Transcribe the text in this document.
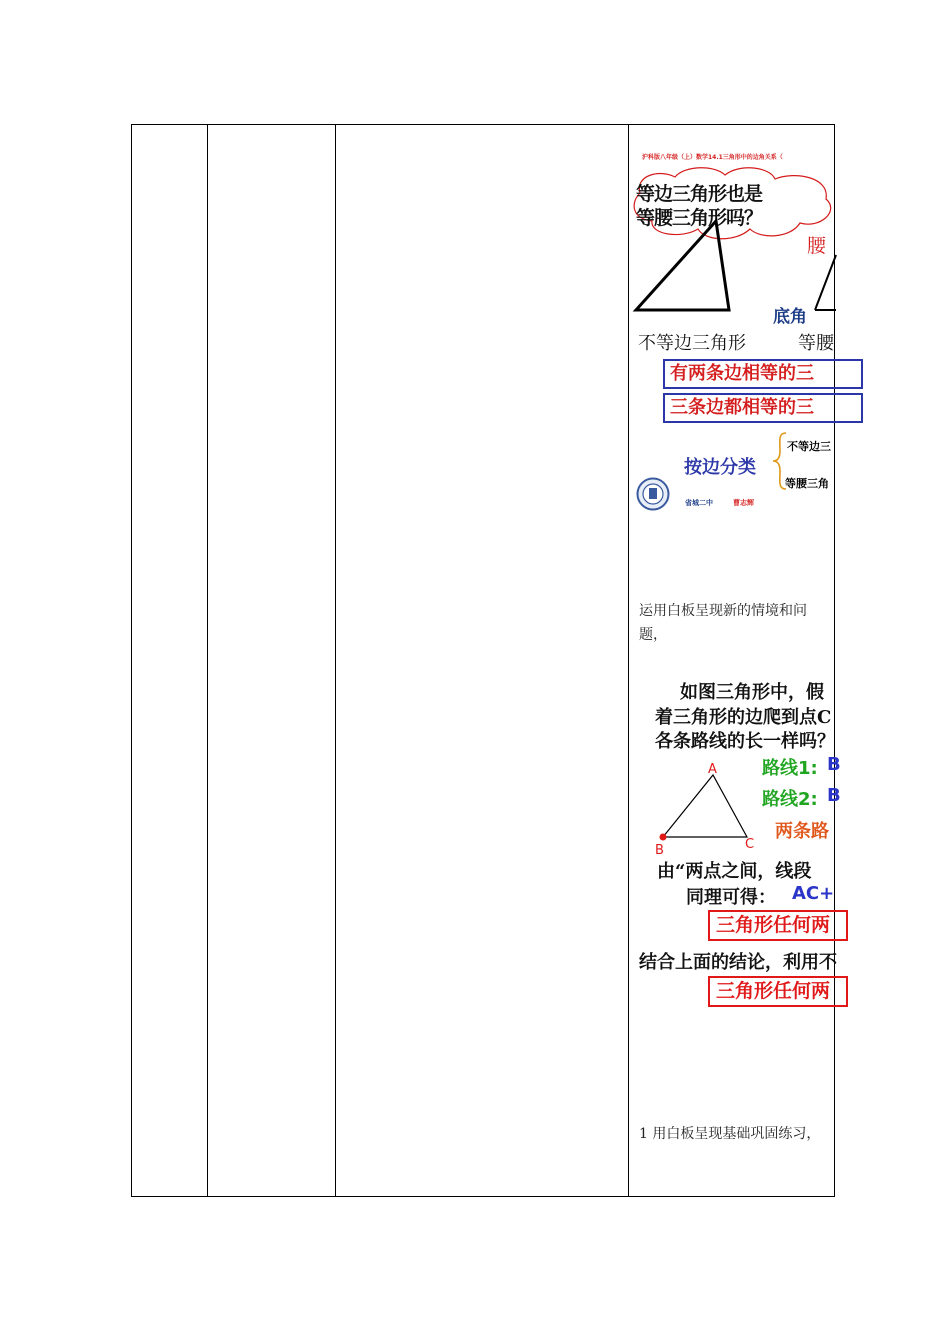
沪科版八年级（上）数学14.1三角形中的边角关系（
等边三角形也是
等腰三角形吗？
腰
底角
不等边三角形	等腰
有两条边相等的三
三条边都相等的三
按边分类
不等边三
等腰三角
省城二中	曹志辉
运用白板呈现新的情境和问题，
如图三角形中，假
着三角形的边爬到点C
各条路线的长一样吗？
A
B	C
路线1: B
路线2: B
两条路
由“两点之间，线段
同理可得： AC+
三角形任何两
结合上面的结论，利用不
三角形任何两
1 用白板呈现基础巩固练习，
